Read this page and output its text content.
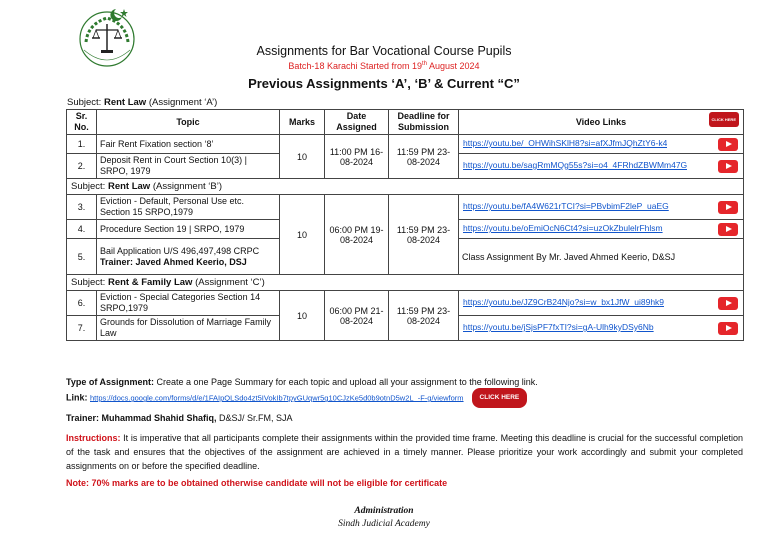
Assignments for Bar Vocational Course Pupils
Batch-18 Karachi Started from 19th August 2024
Previous Assignments ‘A’, ‘B’ & Current “C”
Subject: Rent Law (Assignment ‘A’)
Sr. No.	Topic	Marks	Date Assigned	Deadline for Submission	Video Links CLICK HERE

1.	Fair Rent Fixation section ‘8’	10	11:00 PM 16-08-2024	11:59 PM 23-08-2024	https://youtu.be/_OHWihSKlH8?si=afXJfmJQhZtY6-k4

2.	Deposit Rent in Court Section 10(3) | SRPO, 1979				https://youtu.be/sagRmMQg55s?si=o4_4FRhdZBWMm47G

Subject: Rent Law (Assignment ‘B’)					
3.	Eviction - Default, Personal Use etc. Section 15 SRPO,1979	10	06:00 PM 19-08-2024	11:59 PM 23-08-2024	https://youtu.be/fA4W621rTCI?si=PBvbimF2leP_uaEG

4.	Procedure Section 19 | SRPO, 1979				https://youtu.be/oEmiOcN6Ct4?si=uzOkZbulelrFhlsm

5.	Bail Application U/S 496,497,498 CRPC
Trainer: Javed Ahmed Keerio, DSJ				Class Assignment By Mr. Javed Ahmed Keerio, D&SJ
Subject: Rent & Family Law (Assignment ‘C’)					
6.	Eviction - Special Categories Section 14 SRPO,1979	10	06:00 PM 21-08-2024	11:59 PM 23-08-2024	https://youtu.be/JZ9CrB24Njo?si=w_bx1JfW_ui89hk9

7.	Grounds for Dissolution of Marriage Family Law				https://youtu.be/jSjsPF7fxTI?si=gA-Ulh9kyDSy6Nb
Type of Assignment: Create a one Page Summary for each topic and upload all your assignment to the following link.
Link: https://docs.google.com/forms/d/e/1FAIpQLSdo4zt5IVokIb7tpyGUqwr5g10CJzKe5d0b9otnD5w2L_-F-g/viewform CLICK HERE
Trainer: Muhammad Shahid Shafiq, D&SJ/ Sr.FM, SJA
Instructions: It is imperative that all participants complete their assignments within the provided time frame. Meeting this deadline is crucial for the successful completion of the task and ensures that the objectives of the assignment are achieved in a timely manner. Please prioritize your work accordingly and submit your completed assignments on or before the specified deadline.
Note: 70% marks are to be obtained otherwise candidate will not be eligible for certificate
Administration
Sindh Judicial Academy
